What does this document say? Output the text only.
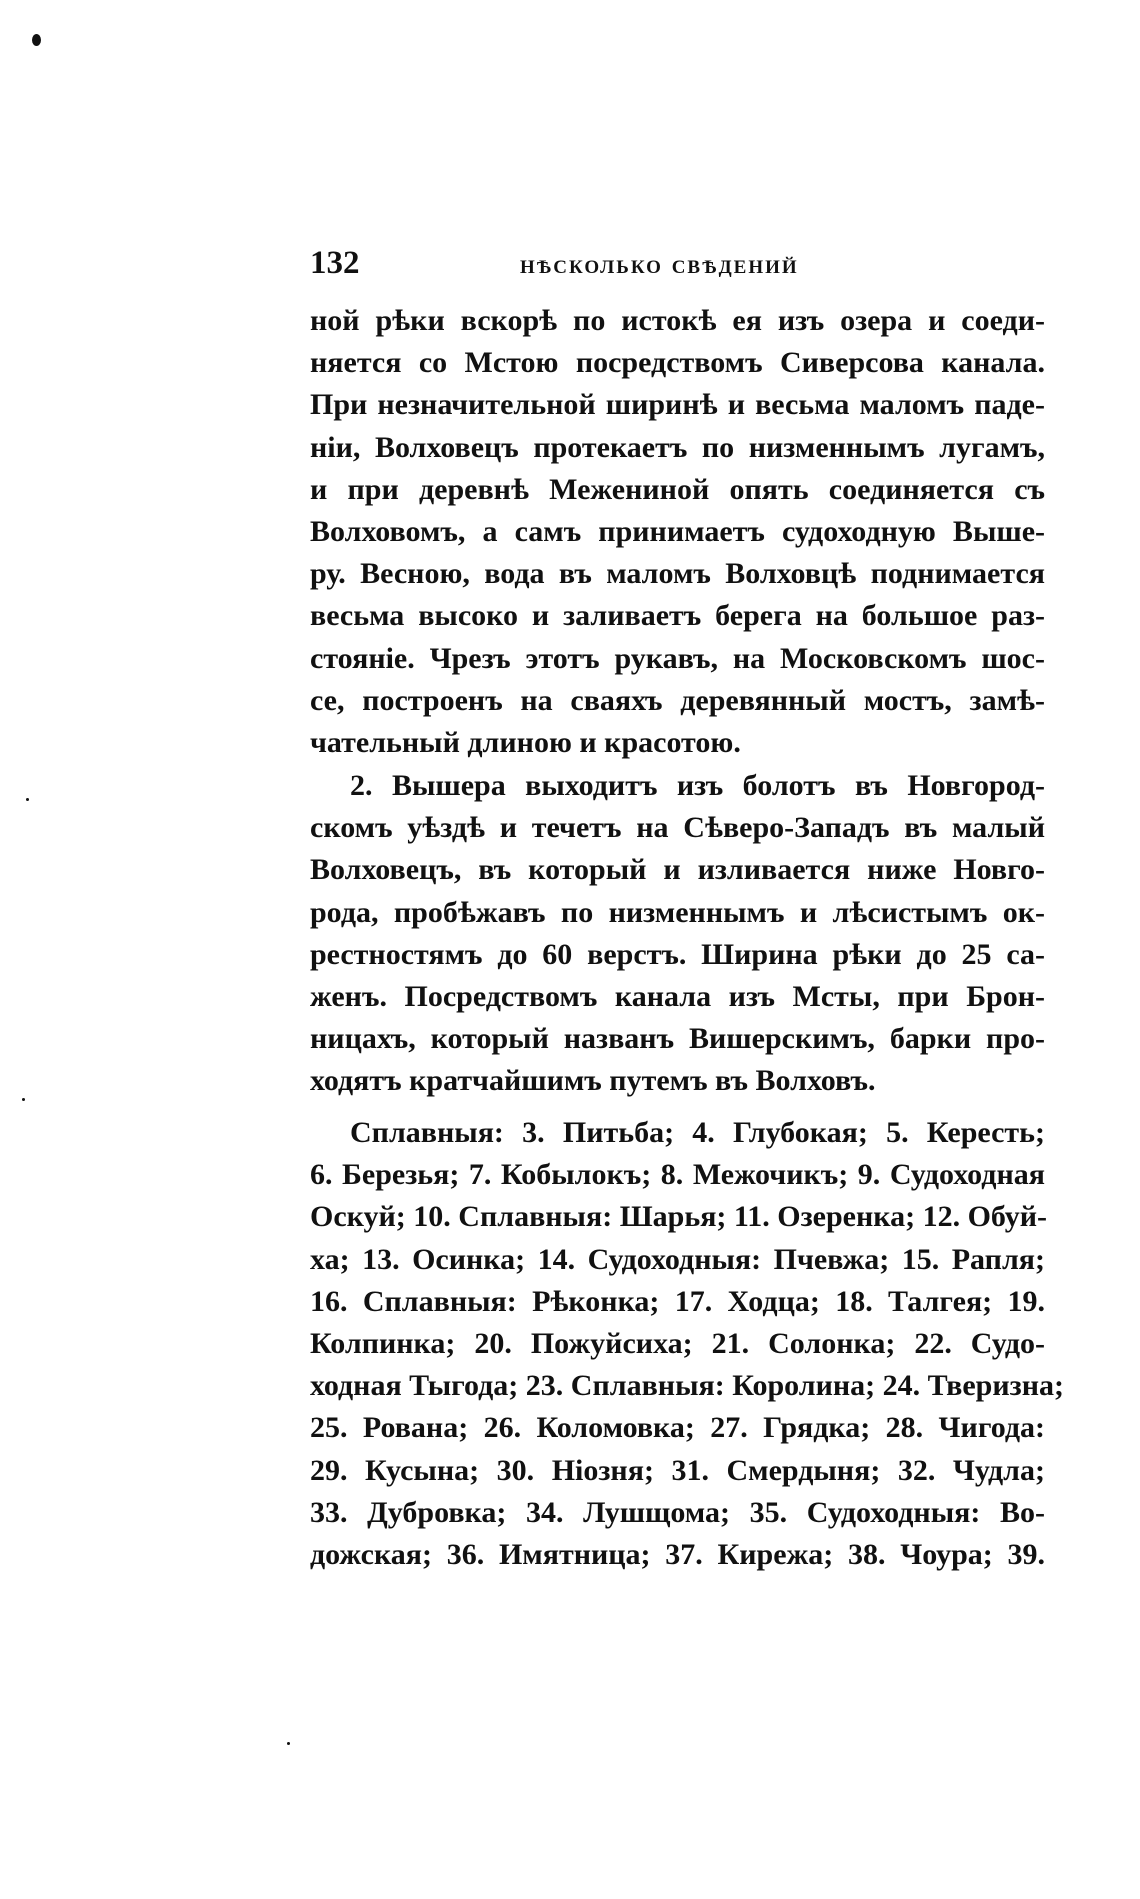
132	нѣсколько свѣдений
ной рѣки вскорѣ по истокѣ ея изъ озера и соеди-
няется со Мстою посредствомъ Сиверсова канала.
При незначительной ширинѣ и весьма маломъ паде-
ніи, Волховецъ протекаетъ по низменнымъ лугамъ,
и при деревнѣ Межениной опять соединяется съ
Волховомъ, а самъ принимаетъ судоходную Выше-
ру. Весною, вода въ маломъ Волховцѣ поднимается
весьма высоко и заливаетъ берега на большое раз-
стояніе. Чрезъ этотъ рукавъ, на Московскомъ шос-
се, построенъ на сваяхъ деревянный мостъ, замѣ-
чательный длиною и красотою.
2. Вышера выходитъ изъ болотъ въ Новгород-
скомъ уѣздѣ и течетъ на Сѣверо-Западъ въ малый
Волховецъ, въ который и изливается ниже Новго-
рода, пробѣжавъ по низменнымъ и лѣсистымъ ок-
рестностямъ до 60 верстъ. Ширина рѣки до 25 са-
женъ. Посредствомъ канала изъ Мсты, при Брон-
ницахъ, который названъ Вишерскимъ, барки про-
ходятъ кратчайшимъ путемъ въ Волховъ.
Сплавныя: 3. Питьба; 4. Глубокая; 5. Кересть;
6. Березья; 7. Кобылокъ; 8. Межочикъ; 9. Судоходная
Оскуй; 10. Сплавныя: Шарья; 11. Озеренка; 12. Обуй-
ха; 13. Осинка; 14. Судоходныя: Пчевжа; 15. Рапля;
16. Сплавныя: Рѣконка; 17. Ходца; 18. Талгея; 19.
Колпинка; 20. Пожуйсиха; 21. Солонка; 22. Судо-
ходная Тыгода; 23. Сплавныя: Королина; 24. Тверизна;
25. Рована; 26. Коломовка; 27. Грядка; 28. Чигода:
29. Кусына; 30. Ніозня; 31. Смердыня; 32. Чудла;
33. Дубровка; 34. Лушщома; 35. Судоходныя: Во-
дожская; 36. Имятница; 37. Кирежа; 38. Чоура; 39.
